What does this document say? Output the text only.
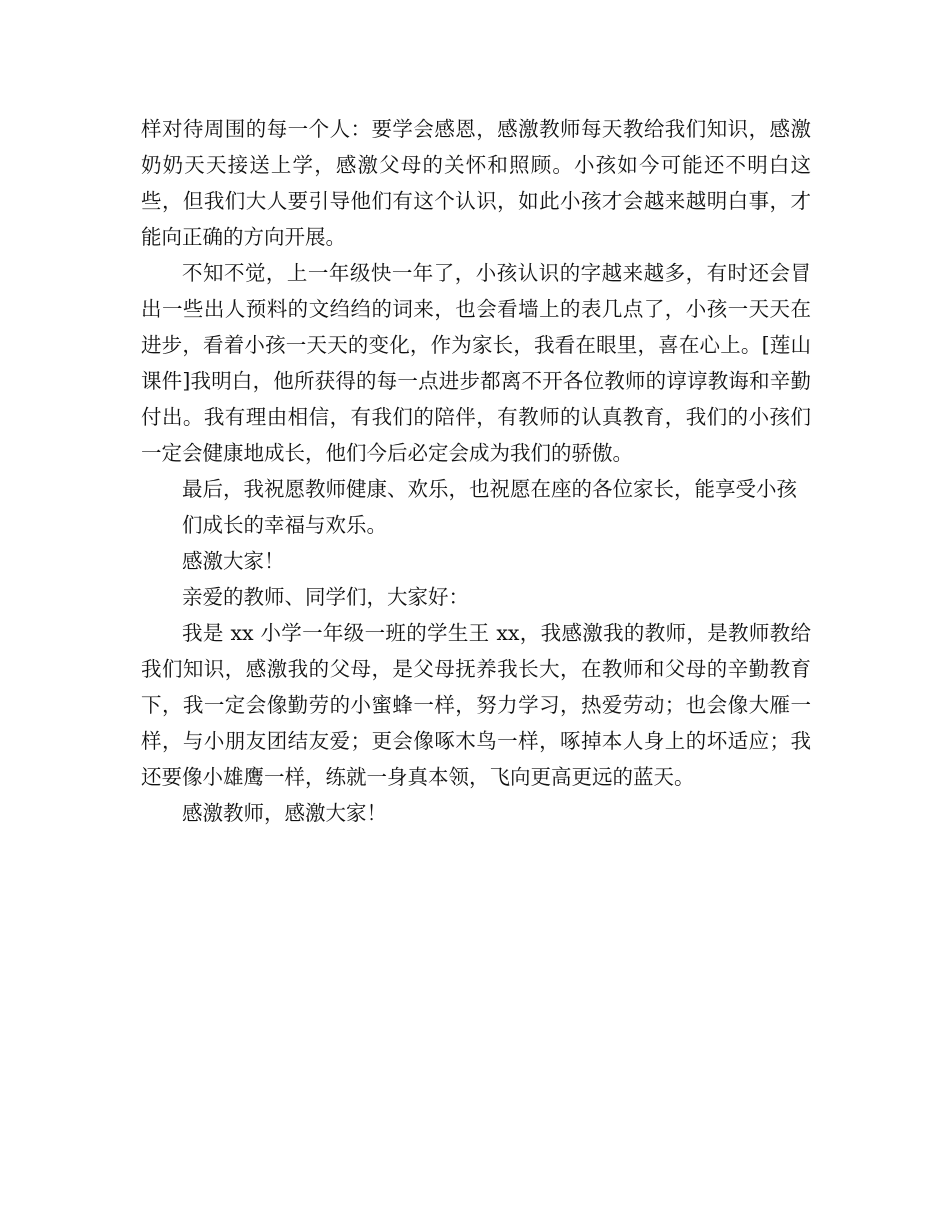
样对待周围的每一个人：要学会感恩，感激教师每天教给我们知识，感激奶奶天天接送上学，感激父母的关怀和照顾。小孩如今可能还不明白这些，但我们大人要引导他们有这个认识，如此小孩才会越来越明白事，才能向正确的方向开展。

不知不觉，上一年级快一年了，小孩认识的字越来越多，有时还会冒出一些出人预料的文绉绉的词来，也会看墙上的表几点了，小孩一天天在进步，看着小孩一天天的变化，作为家长，我看在眼里，喜在心上。[莲山课件]我明白，他所获得的每一点进步都离不开各位教师的谆谆教诲和辛勤付出。我有理由相信，有我们的陪伴，有教师的认真教育，我们的小孩们一定会健康地成长，他们今后必定会成为我们的骄傲。

最后，我祝愿教师健康、欢乐，也祝愿在座的各位家长，能享受小孩们成长的幸福与欢乐。

感激大家！

亲爱的教师、同学们，大家好：

我是 xx 小学一年级一班的学生王 xx，我感激我的教师，是教师教给我们知识，感激我的父母，是父母抚养我长大，在教师和父母的辛勤教育下，我一定会像勤劳的小蜜蜂一样，努力学习，热爱劳动；也会像大雁一样，与小朋友团结友爱；更会像啄木鸟一样，啄掉本人身上的坏适应；我还要像小雄鹰一样，练就一身真本领，飞向更高更远的蓝天。

感激教师，感激大家！
